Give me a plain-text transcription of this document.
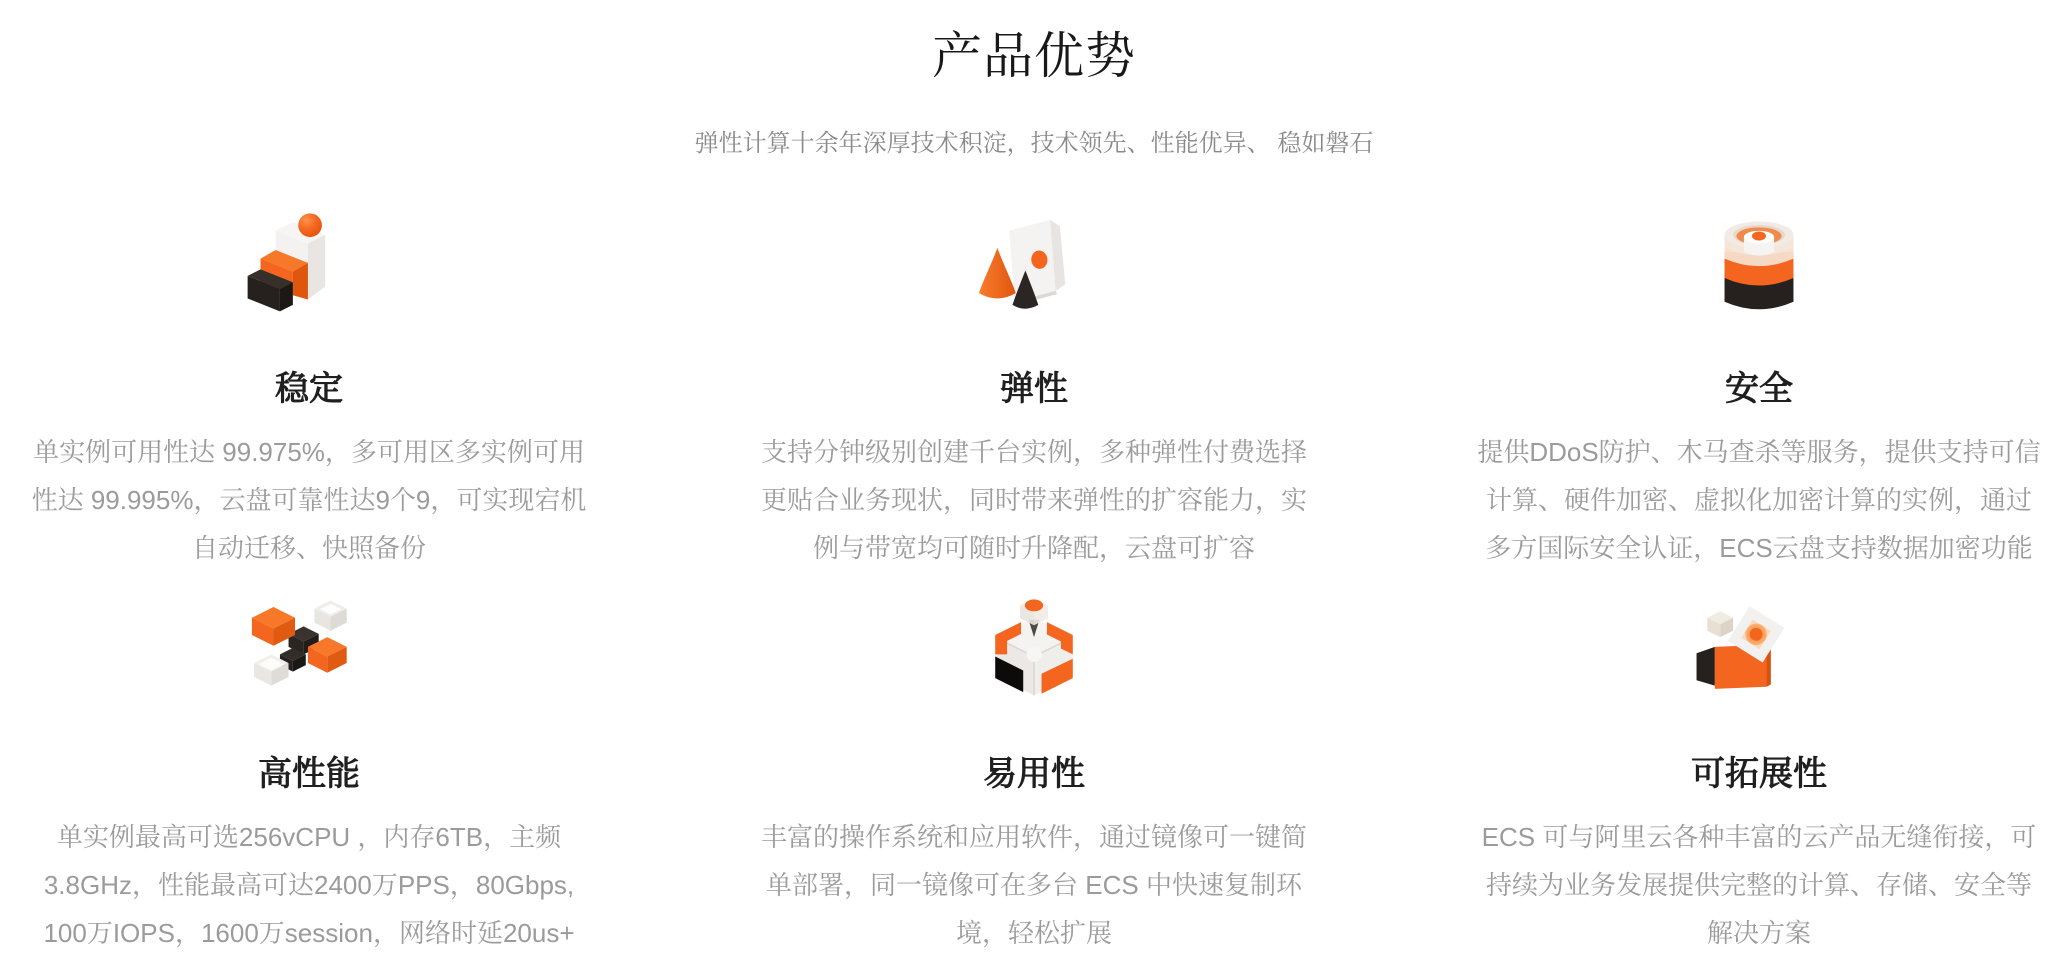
产品优势

弹性计算十余年深厚技术积淀，技术领先、性能优异、 稳如磐石

稳定

单实例可用性达 99.975%，多可用区多实例可用性达 99.995%，云盘可靠性达9个9，可实现宕机自动迁移、快照备份

弹性

支持分钟级别创建千台实例，多种弹性付费选择更贴合业务现状，同时带来弹性的扩容能力，实例与带宽均可随时升降配，云盘可扩容

安全

提供DDoS防护、木马查杀等服务，提供支持可信计算、硬件加密、虚拟化加密计算的实例，通过多方国际安全认证，ECS云盘支持数据加密功能

高性能

单实例最高可选256vCPU ，内存6TB，主频3.8GHz，性能最高可达2400万PPS，80Gbps, 100万IOPS，1600万session，网络时延20us+

易用性

丰富的操作系统和应用软件，通过镜像可一键简单部署，同一镜像可在多台 ECS 中快速复制环境，轻松扩展

可拓展性

ECS 可与阿里云各种丰富的云产品无缝衔接，可持续为业务发展提供完整的计算、存储、安全等解决方案
